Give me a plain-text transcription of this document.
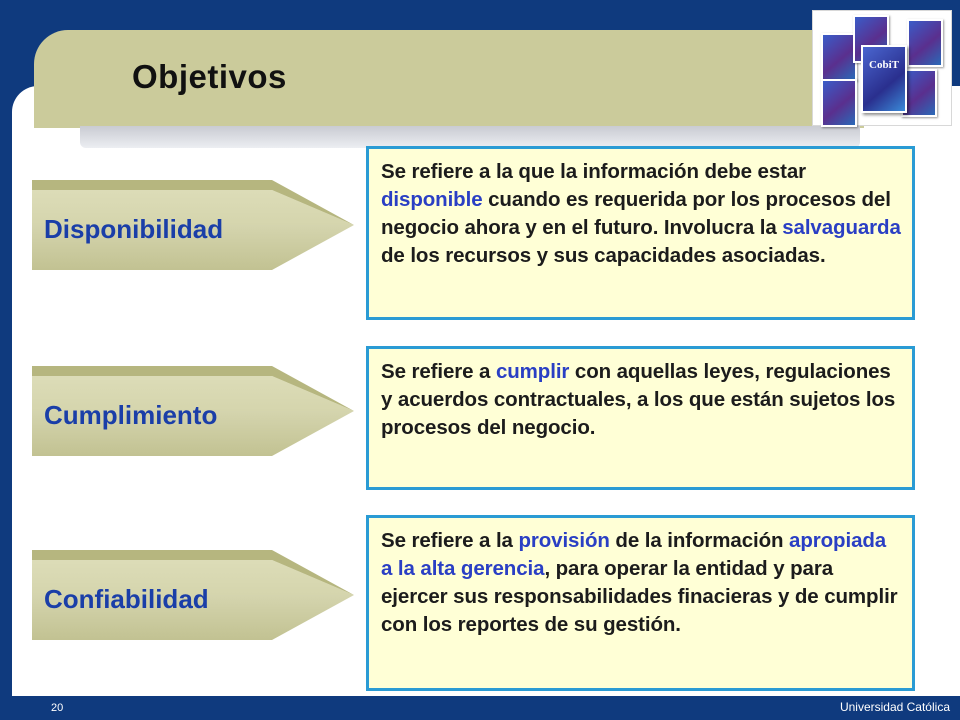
Objetivos	CobiT
Disponibilidad
Se refiere a la que la información debe estar disponible cuando es requerida por los procesos del negocio ahora y en el futuro. Involucra la salvaguarda de los recursos y sus capacidades asociadas.
Cumplimiento
Se refiere a cumplir con aquellas leyes, regulaciones y acuerdos contractuales, a los que están sujetos los procesos del negocio.
Confiabilidad
Se refiere a la provisión de la información apropiada a la alta gerencia, para operar la entidad y para ejercer sus responsabilidades finacieras y de cumplir con los reportes de su gestión.
20	Universidad Católica
